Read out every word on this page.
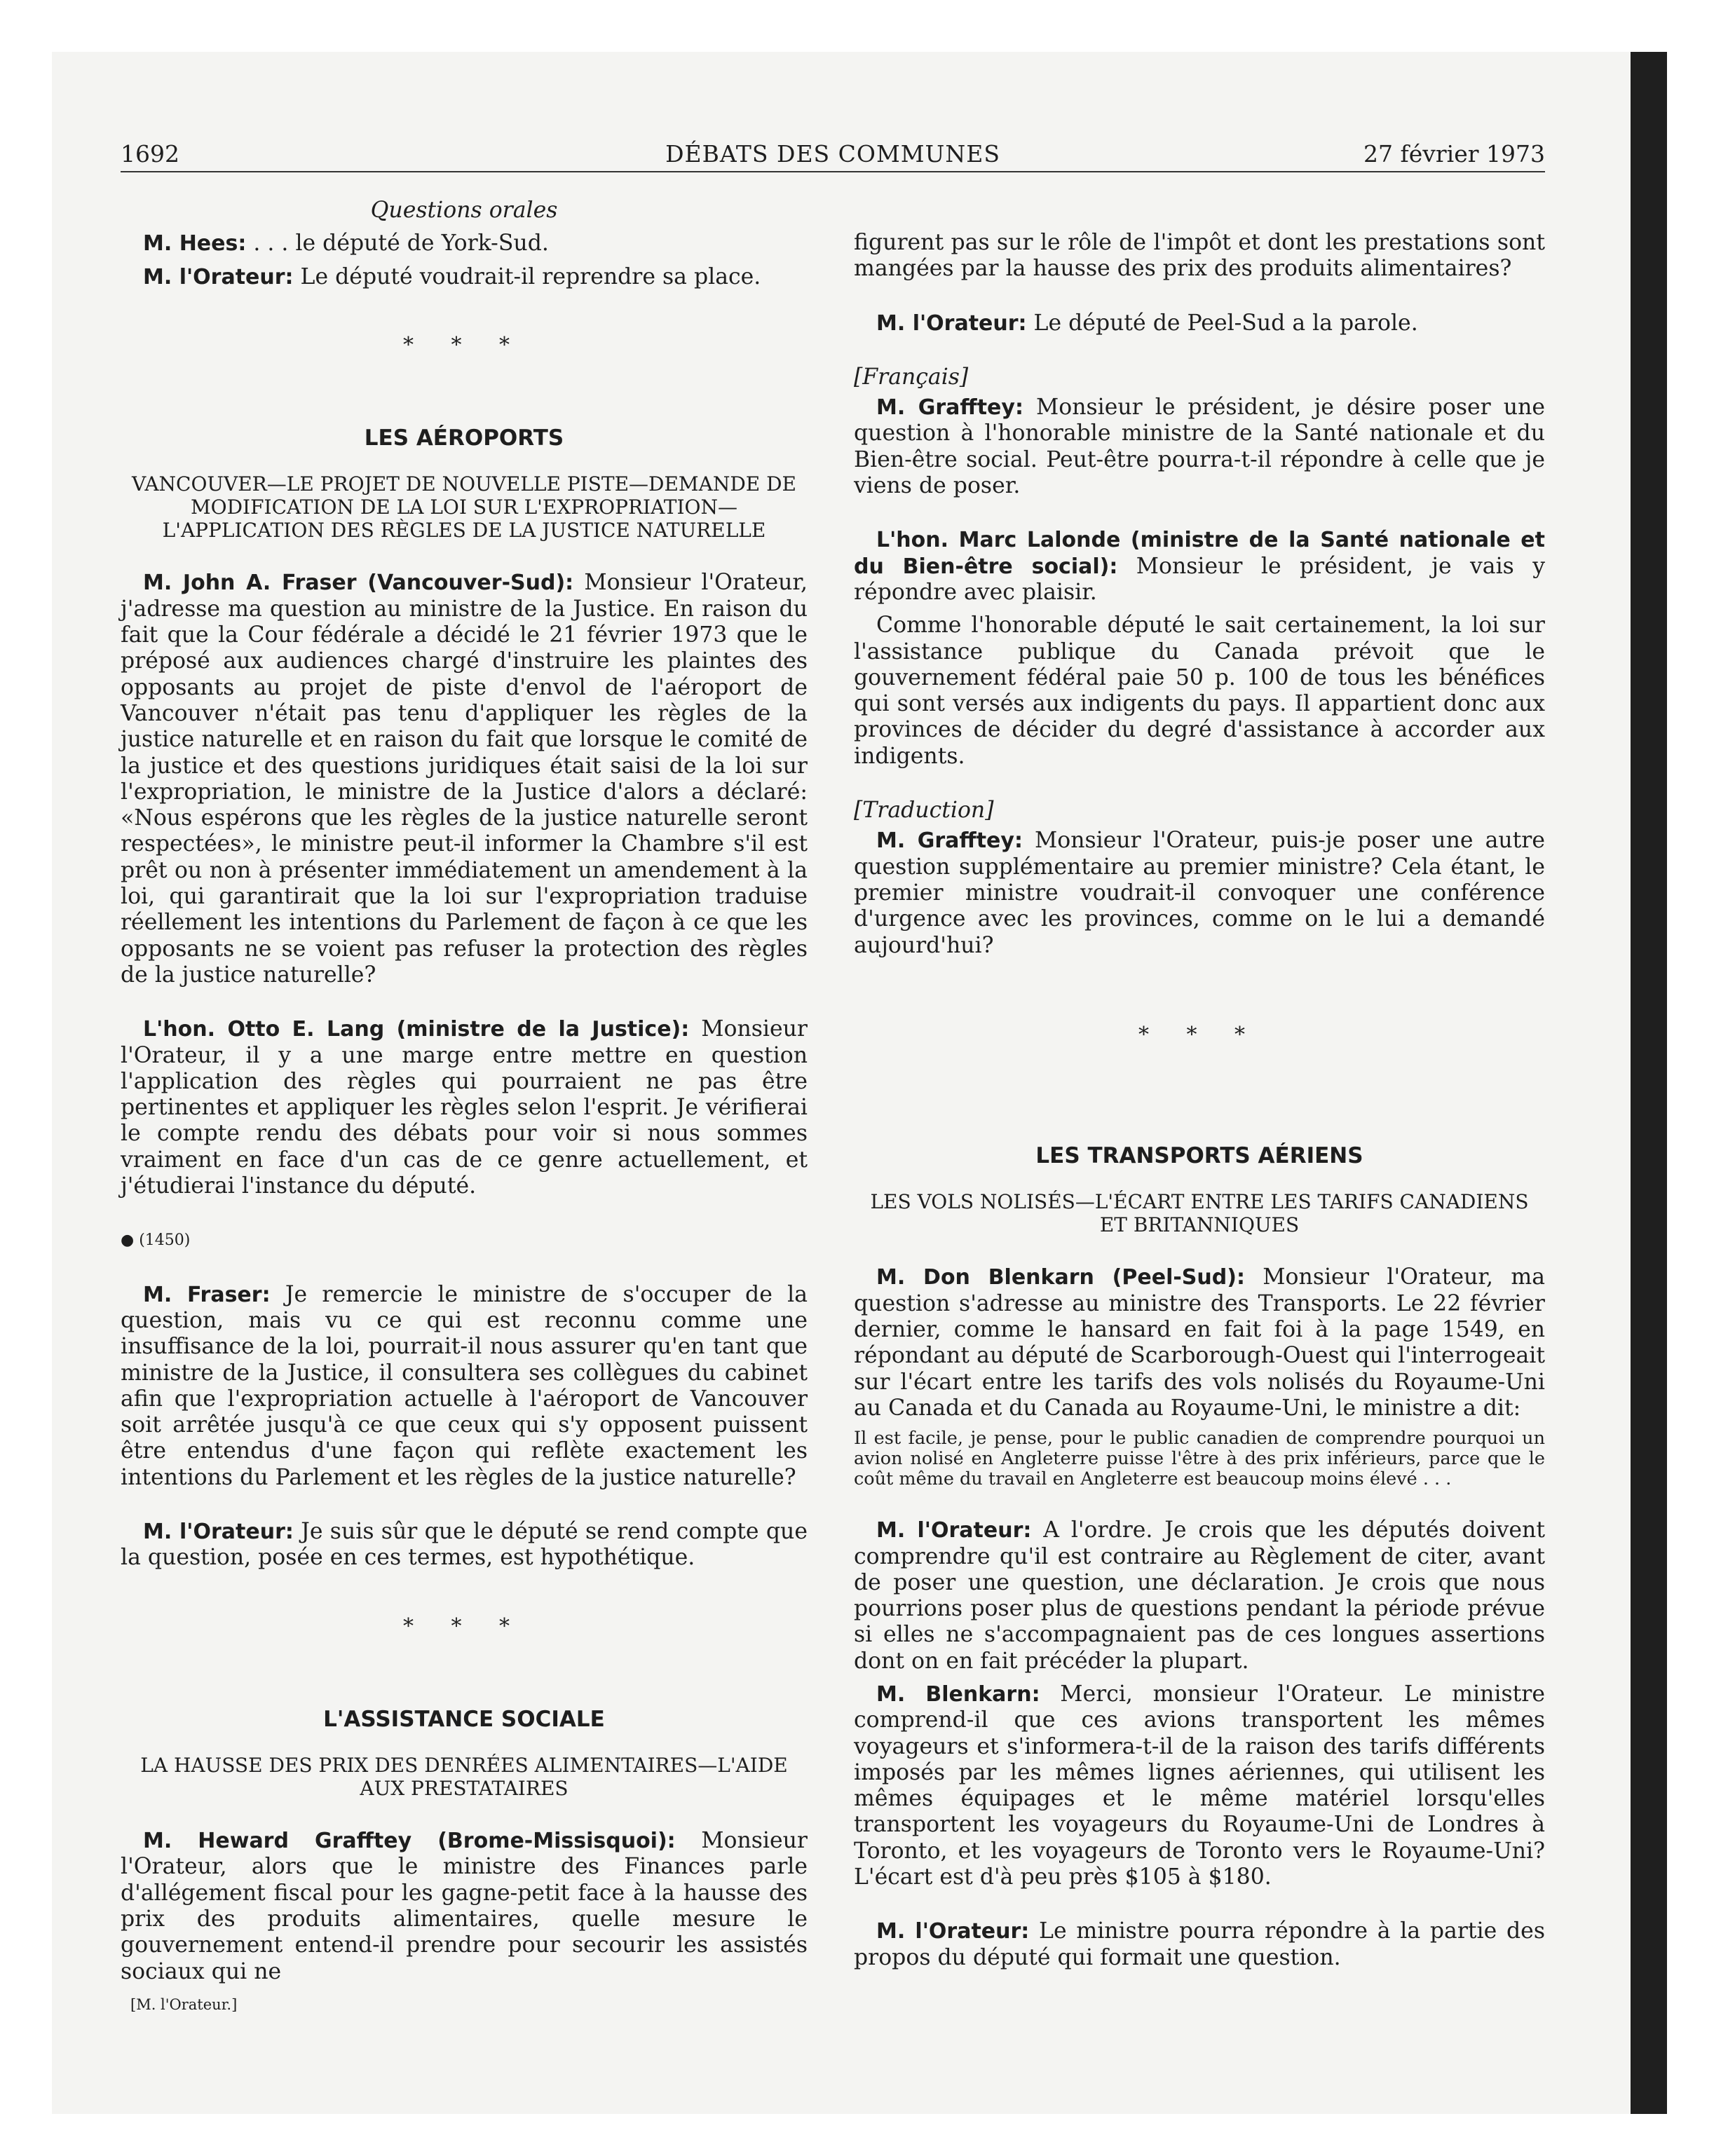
1692	DÉBATS DES COMMUNES	27 février 1973

Questions orales

M. Hees: . . . le député de York-Sud.

M. l'Orateur: Le député voudrait-il reprendre sa place.

* * *
LES AÉROPORTS
VANCOUVER—LE PROJET DE NOUVELLE PISTE—DEMANDE DE MODIFICATION DE LA LOI SUR L'EXPROPRIATION—L'APPLICATION DES RÈGLES DE LA JUSTICE NATURELLE

M. John A. Fraser (Vancouver-Sud): Monsieur l'Orateur, j'adresse ma question au ministre de la Justice. En raison du fait que la Cour fédérale a décidé le 21 février 1973 que le préposé aux audiences chargé d'instruire les plaintes des opposants au projet de piste d'envol de l'aéroport de Vancouver n'était pas tenu d'appliquer les règles de la justice naturelle et en raison du fait que lorsque le comité de la justice et des questions juridiques était saisi de la loi sur l'expropriation, le ministre de la Justice d'alors a déclaré: «Nous espérons que les règles de la justice naturelle seront respectées», le ministre peut-il informer la Chambre s'il est prêt ou non à présenter immédiatement un amendement à la loi, qui garantirait que la loi sur l'expropriation traduise réellement les intentions du Parlement de façon à ce que les opposants ne se voient pas refuser la protection des règles de la justice naturelle?

L'hon. Otto E. Lang (ministre de la Justice): Monsieur l'Orateur, il y a une marge entre mettre en question l'application des règles qui pourraient ne pas être pertinentes et appliquer les règles selon l'esprit. Je vérifierai le compte rendu des débats pour voir si nous sommes vraiment en face d'un cas de ce genre actuellement, et j'étudierai l'instance du député.

● (1450)

M. Fraser: Je remercie le ministre de s'occuper de la question, mais vu ce qui est reconnu comme une insuffisance de la loi, pourrait-il nous assurer qu'en tant que ministre de la Justice, il consultera ses collègues du cabinet afin que l'expropriation actuelle à l'aéroport de Vancouver soit arrêtée jusqu'à ce que ceux qui s'y opposent puissent être entendus d'une façon qui reflète exactement les intentions du Parlement et les règles de la justice naturelle?

M. l'Orateur: Je suis sûr que le député se rend compte que la question, posée en ces termes, est hypothétique.

* * *
L'ASSISTANCE SOCIALE
LA HAUSSE DES PRIX DES DENRÉES ALIMENTAIRES—L'AIDE AUX PRESTATAIRES

M. Heward Grafftey (Brome-Missisquoi): Monsieur l'Orateur, alors que le ministre des Finances parle d'allégement fiscal pour les gagne-petit face à la hausse des prix des produits alimentaires, quelle mesure le gouvernement entend-il prendre pour secourir les assistés sociaux qui ne

[M. l'Orateur.]

figurent pas sur le rôle de l'impôt et dont les prestations sont mangées par la hausse des prix des produits alimentaires?

M. l'Orateur: Le député de Peel-Sud a la parole.

[Français]

M. Grafftey: Monsieur le président, je désire poser une question à l'honorable ministre de la Santé nationale et du Bien-être social. Peut-être pourra-t-il répondre à celle que je viens de poser.

L'hon. Marc Lalonde (ministre de la Santé nationale et du Bien-être social): Monsieur le président, je vais y répondre avec plaisir.

Comme l'honorable député le sait certainement, la loi sur l'assistance publique du Canada prévoit que le gouvernement fédéral paie 50 p. 100 de tous les bénéfices qui sont versés aux indigents du pays. Il appartient donc aux provinces de décider du degré d'assistance à accorder aux indigents.

[Traduction]

M. Grafftey: Monsieur l'Orateur, puis-je poser une autre question supplémentaire au premier ministre? Cela étant, le premier ministre voudrait-il convoquer une conférence d'urgence avec les provinces, comme on le lui a demandé aujourd'hui?

* * *
LES TRANSPORTS AÉRIENS
LES VOLS NOLISÉS—L'ÉCART ENTRE LES TARIFS CANADIENS ET BRITANNIQUES

M. Don Blenkarn (Peel-Sud): Monsieur l'Orateur, ma question s'adresse au ministre des Transports. Le 22 février dernier, comme le hansard en fait foi à la page 1549, en répondant au député de Scarborough-Ouest qui l'interrogeait sur l'écart entre les tarifs des vols nolisés du Royaume-Uni au Canada et du Canada au Royaume-Uni, le ministre a dit:

Il est facile, je pense, pour le public canadien de comprendre pourquoi un avion nolisé en Angleterre puisse l'être à des prix inférieurs, parce que le coût même du travail en Angleterre est beaucoup moins élevé . . .

M. l'Orateur: A l'ordre. Je crois que les députés doivent comprendre qu'il est contraire au Règlement de citer, avant de poser une question, une déclaration. Je crois que nous pourrions poser plus de questions pendant la période prévue si elles ne s'accompagnaient pas de ces longues assertions dont on en fait précéder la plupart.

M. Blenkarn: Merci, monsieur l'Orateur. Le ministre comprend-il que ces avions transportent les mêmes voyageurs et s'informera-t-il de la raison des tarifs différents imposés par les mêmes lignes aériennes, qui utilisent les mêmes équipages et le même matériel lorsqu'elles transportent les voyageurs du Royaume-Uni de Londres à Toronto, et les voyageurs de Toronto vers le Royaume-Uni? L'écart est d'à peu près $105 à $180.

M. l'Orateur: Le ministre pourra répondre à la partie des propos du député qui formait une question.
